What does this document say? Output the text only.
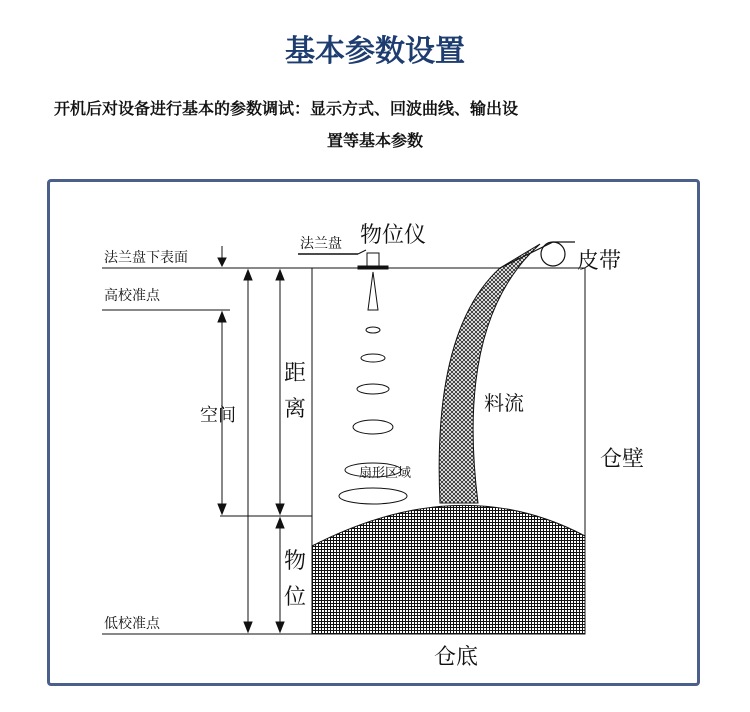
基本参数设置
开机后对设备进行基本的参数调试：显示方式、回波曲线、输出设
置等基本参数
物位仪
法兰盘
皮带
法兰盘下表面
高校准点
空间
距
离	料流
仓壁
扇形区域
物
位
低校准点
仓底
